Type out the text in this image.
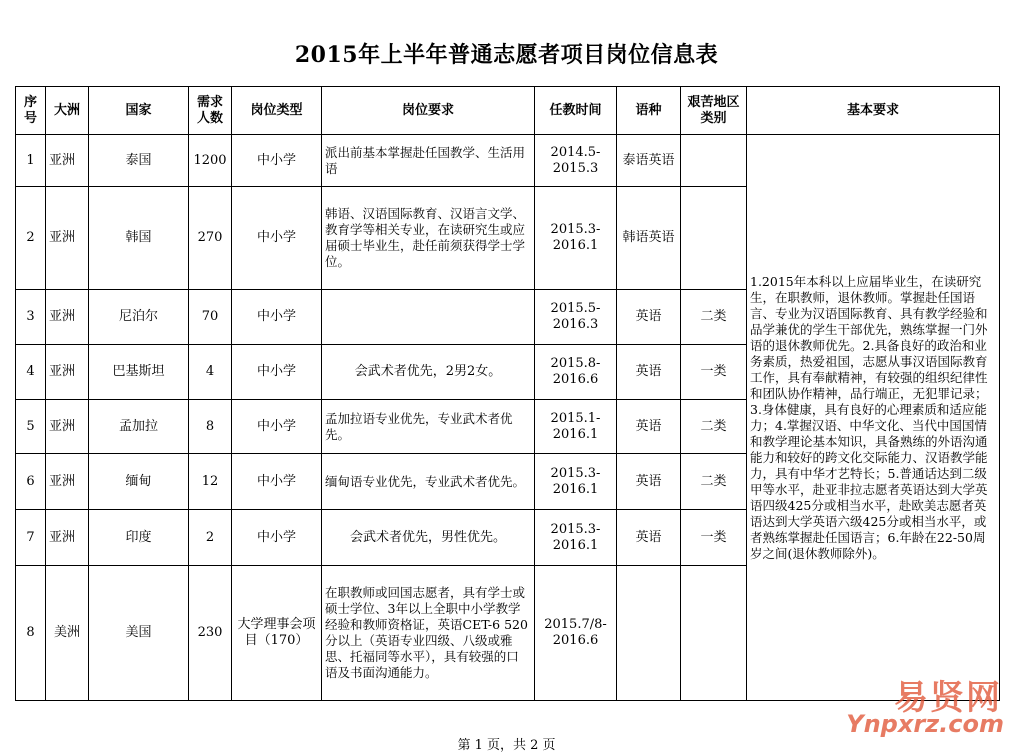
2015年上半年普通志愿者项目岗位信息表
序号	大洲	国家	需求人数	岗位类型	岗位要求	任教时间	语种	艰苦地区类别	基本要求
1	亚洲	泰国	1200	中小学	派出前基本掌握赴任国教学、生活用语	2014.5-2015.3	泰语英语		1.2015年本科以上应届毕业生，在读研究生，在职教师，退休教师。掌握赴任国语言、专业为汉语国际教育、具有教学经验和品学兼优的学生干部优先，熟练掌握一门外语的退休教师优先。2.具备良好的政治和业务素质，热爱祖国，志愿从事汉语国际教育工作，具有奉献精神，有较强的组织纪律性和团队协作精神，品行端正，无犯罪记录；3.身体健康，具有良好的心理素质和适应能力；4.掌握汉语、中华文化、当代中国国情和教学理论基本知识，具备熟练的外语沟通能力和较好的跨文化交际能力、汉语教学能力，具有中华才艺特长；5.普通话达到二级甲等水平，赴亚非拉志愿者英语达到大学英语四级425分或相当水平，赴欧美志愿者英语达到大学英语六级425分或相当水平，或者熟练掌握赴任国语言；6.年龄在22-50周岁之间(退休教师除外)。
2	亚洲	韩国	270	中小学	韩语、汉语国际教育、汉语言文学、教育学等相关专业，在读研究生或应届硕士毕业生，赴任前须获得学士学位。	2015.3-2016.1	韩语英语		
3	亚洲	尼泊尔	70	中小学		2015.5-2016.3	英语	二类	
4	亚洲	巴基斯坦	4	中小学	会武术者优先，2男2女。	2015.8-2016.6	英语	一类	
5	亚洲	孟加拉	8	中小学	孟加拉语专业优先，专业武术者优先。	2015.1-2016.1	英语	二类	
6	亚洲	缅甸	12	中小学	缅甸语专业优先，专业武术者优先。	2015.3-2016.1	英语	二类	
7	亚洲	印度	2	中小学	会武术者优先，男性优先。	2015.3-2016.1	英语	一类	
8	美洲	美国	230	大学理事会项目（170）	在职教师或回国志愿者，具有学士或硕士学位、3年以上全职中小学教学经验和教师资格证，英语CET-6 520分以上（英语专业四级、八级或雅思、托福同等水平），具有较强的口语及书面沟通能力。	2015.7/8-2016.6			
第 1 页，共 2 页
易贤网
Ynpxrz.com
